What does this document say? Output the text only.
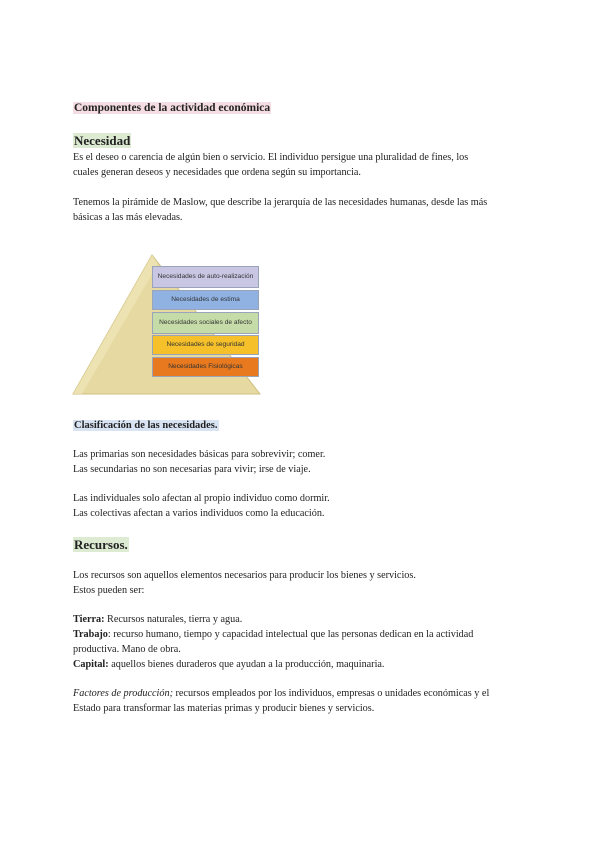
Componentes de la actividad económica
Necesidad
Es el deseo o carencia de algún bien o servicio. El individuo persigue una pluralidad de fines, los
cuales generan deseos y necesidades que ordena según su importancia.
Tenemos la pirámide de Maslow, que describe la jerarquía de las necesidades humanas, desde las más
básicas a las más elevadas.
Necesidades de auto-realización
Necesidades de estima
Necesidades sociales de afecto
Necesidades de seguridad
Necesidades Fisiológicas
Clasificación de las necesidades.
Las primarias son necesidades básicas para sobrevivir; comer.
Las secundarias no son necesarias para vivir; irse de viaje.
Las individuales solo afectan al propio individuo como dormir.
Las colectivas afectan a varios individuos como la educación.
Recursos.
Los recursos son aquellos elementos necesarios para producir los bienes y servicios.
Estos pueden ser:
Tierra: Recursos naturales, tierra y agua.
Trabajo: recurso humano, tiempo y capacidad intelectual que las personas dedican en la actividad
productiva. Mano de obra.
Capital: aquellos bienes duraderos que ayudan a la producción, maquinaria.
Factores de producción; recursos empleados por los individuos, empresas o unidades económicas y el
Estado para transformar las materias primas y producir bienes y servicios.
